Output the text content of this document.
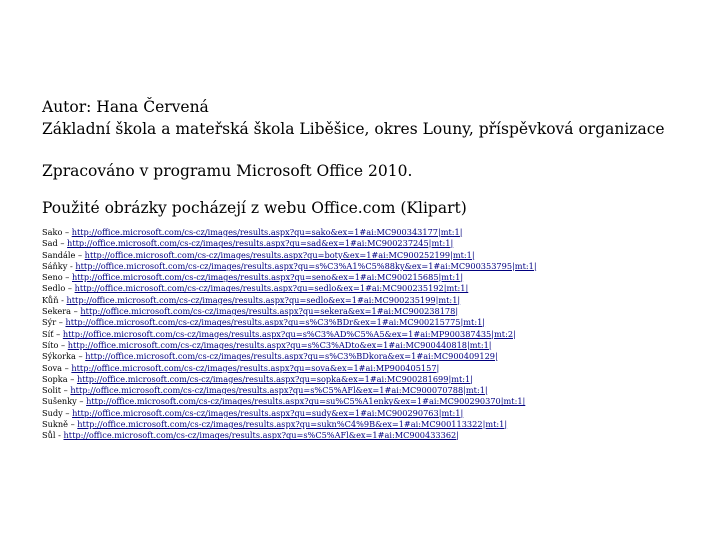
Autor: Hana Červená
Základní škola a mateřská škola Liběšice, okres Louny, příspěvková organizace
Zpracováno v programu Microsoft Office 2010.
Použité obrázky pocházejí z webu Office.com (Klipart)
Sako – http://office.microsoft.com/cs-cz/images/results.aspx?qu=sako&ex=1#ai:MC900343177|mt:1|
Sad – http://office.microsoft.com/cs-cz/images/results.aspx?qu=sad&ex=1#ai:MC900237245|mt:1|
Sandále – http://office.microsoft.com/cs-cz/images/results.aspx?qu=boty&ex=1#ai:MC900252199|mt:1|
Sáňky - http://office.microsoft.com/cs-cz/images/results.aspx?qu=s%C3%A1%C5%88ky&ex=1#ai:MC900353795|mt:1|
Seno – http://office.microsoft.com/cs-cz/images/results.aspx?qu=seno&ex=1#ai:MC900215685|mt:1|
Sedlo – http://office.microsoft.com/cs-cz/images/results.aspx?qu=sedlo&ex=1#ai:MC900235192|mt:1|
Kůň - http://office.microsoft.com/cs-cz/images/results.aspx?qu=sedlo&ex=1#ai:MC900235199|mt:1|
Sekera – http://office.microsoft.com/cs-cz/images/results.aspx?qu=sekera&ex=1#ai:MC900238178|
Sýr – http://office.microsoft.com/cs-cz/images/results.aspx?qu=s%C3%BDr&ex=1#ai:MC900215775|mt:1|
Síť – http://office.microsoft.com/cs-cz/images/results.aspx?qu=s%C3%AD%C5%A5&ex=1#ai:MP900387435|mt:2|
Síto – http://office.microsoft.com/cs-cz/images/results.aspx?qu=s%C3%ADto&ex=1#ai:MC900440818|mt:1|
Sýkorka – http://office.microsoft.com/cs-cz/images/results.aspx?qu=s%C3%BDkora&ex=1#ai:MC900409129|
Sova – http://office.microsoft.com/cs-cz/images/results.aspx?qu=sova&ex=1#ai:MP900405157|
Sopka – http://office.microsoft.com/cs-cz/images/results.aspx?qu=sopka&ex=1#ai:MC900281699|mt:1|
Solit – http://office.microsoft.com/cs-cz/images/results.aspx?qu=s%C5%AFl&ex=1#ai:MC900070788|mt:1|
Sušenky – http://office.microsoft.com/cs-cz/images/results.aspx?qu=su%C5%A1enky&ex=1#ai:MC900290370|mt:1|
Sudy – http://office.microsoft.com/cs-cz/images/results.aspx?qu=sudy&ex=1#ai:MC900290763|mt:1|
Sukně – http://office.microsoft.com/cs-cz/images/results.aspx?qu=sukn%C4%9B&ex=1#ai:MC900113322|mt:1|
Sůl - http://office.microsoft.com/cs-cz/images/results.aspx?qu=s%C5%AFl&ex=1#ai:MC900433362|
